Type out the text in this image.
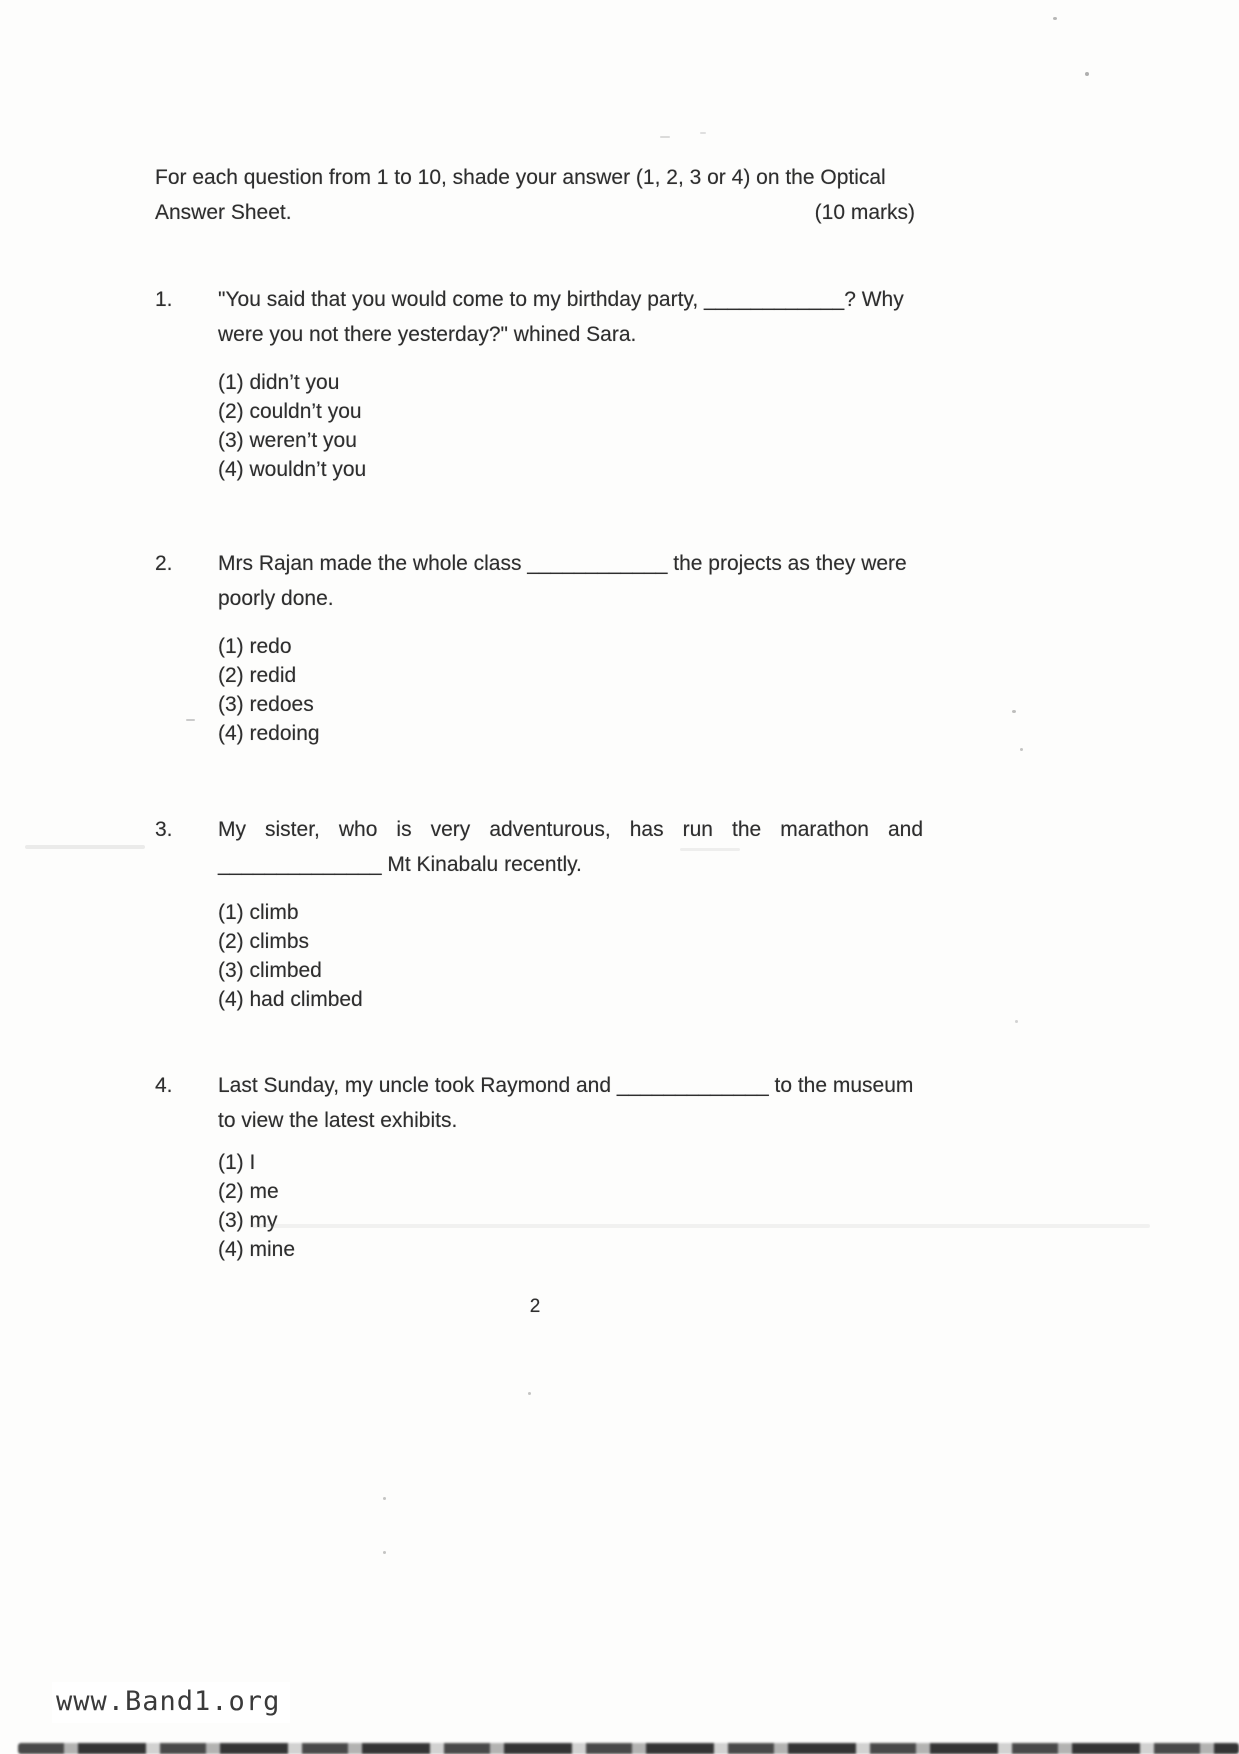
For each question from 1 to 10, shade your answer (1, 2, 3 or 4) on the Optical
Answer Sheet.	(10 marks)
1.	"You said that you would come to my birthday party, ____________? Why were you not there yesterday?" whined Sara.
(1) didn’t you
(2) couldn’t you
(3) weren’t you
(4) wouldn’t you
2.	Mrs Rajan made the whole class ____________ the projects as they were poorly done.
(1) redo
(2) redid
(3) redoes
(4) redoing
3.	My sister, who is very adventurous, has run the marathon and ______________ Mt Kinabalu recently.
(1) climb
(2) climbs
(3) climbed
(4) had climbed
4.	Last Sunday, my uncle took Raymond and _____________ to the museum to view the latest exhibits.
(1) I
(2) me
(3) my
(4) mine
2
www.Band1.org
